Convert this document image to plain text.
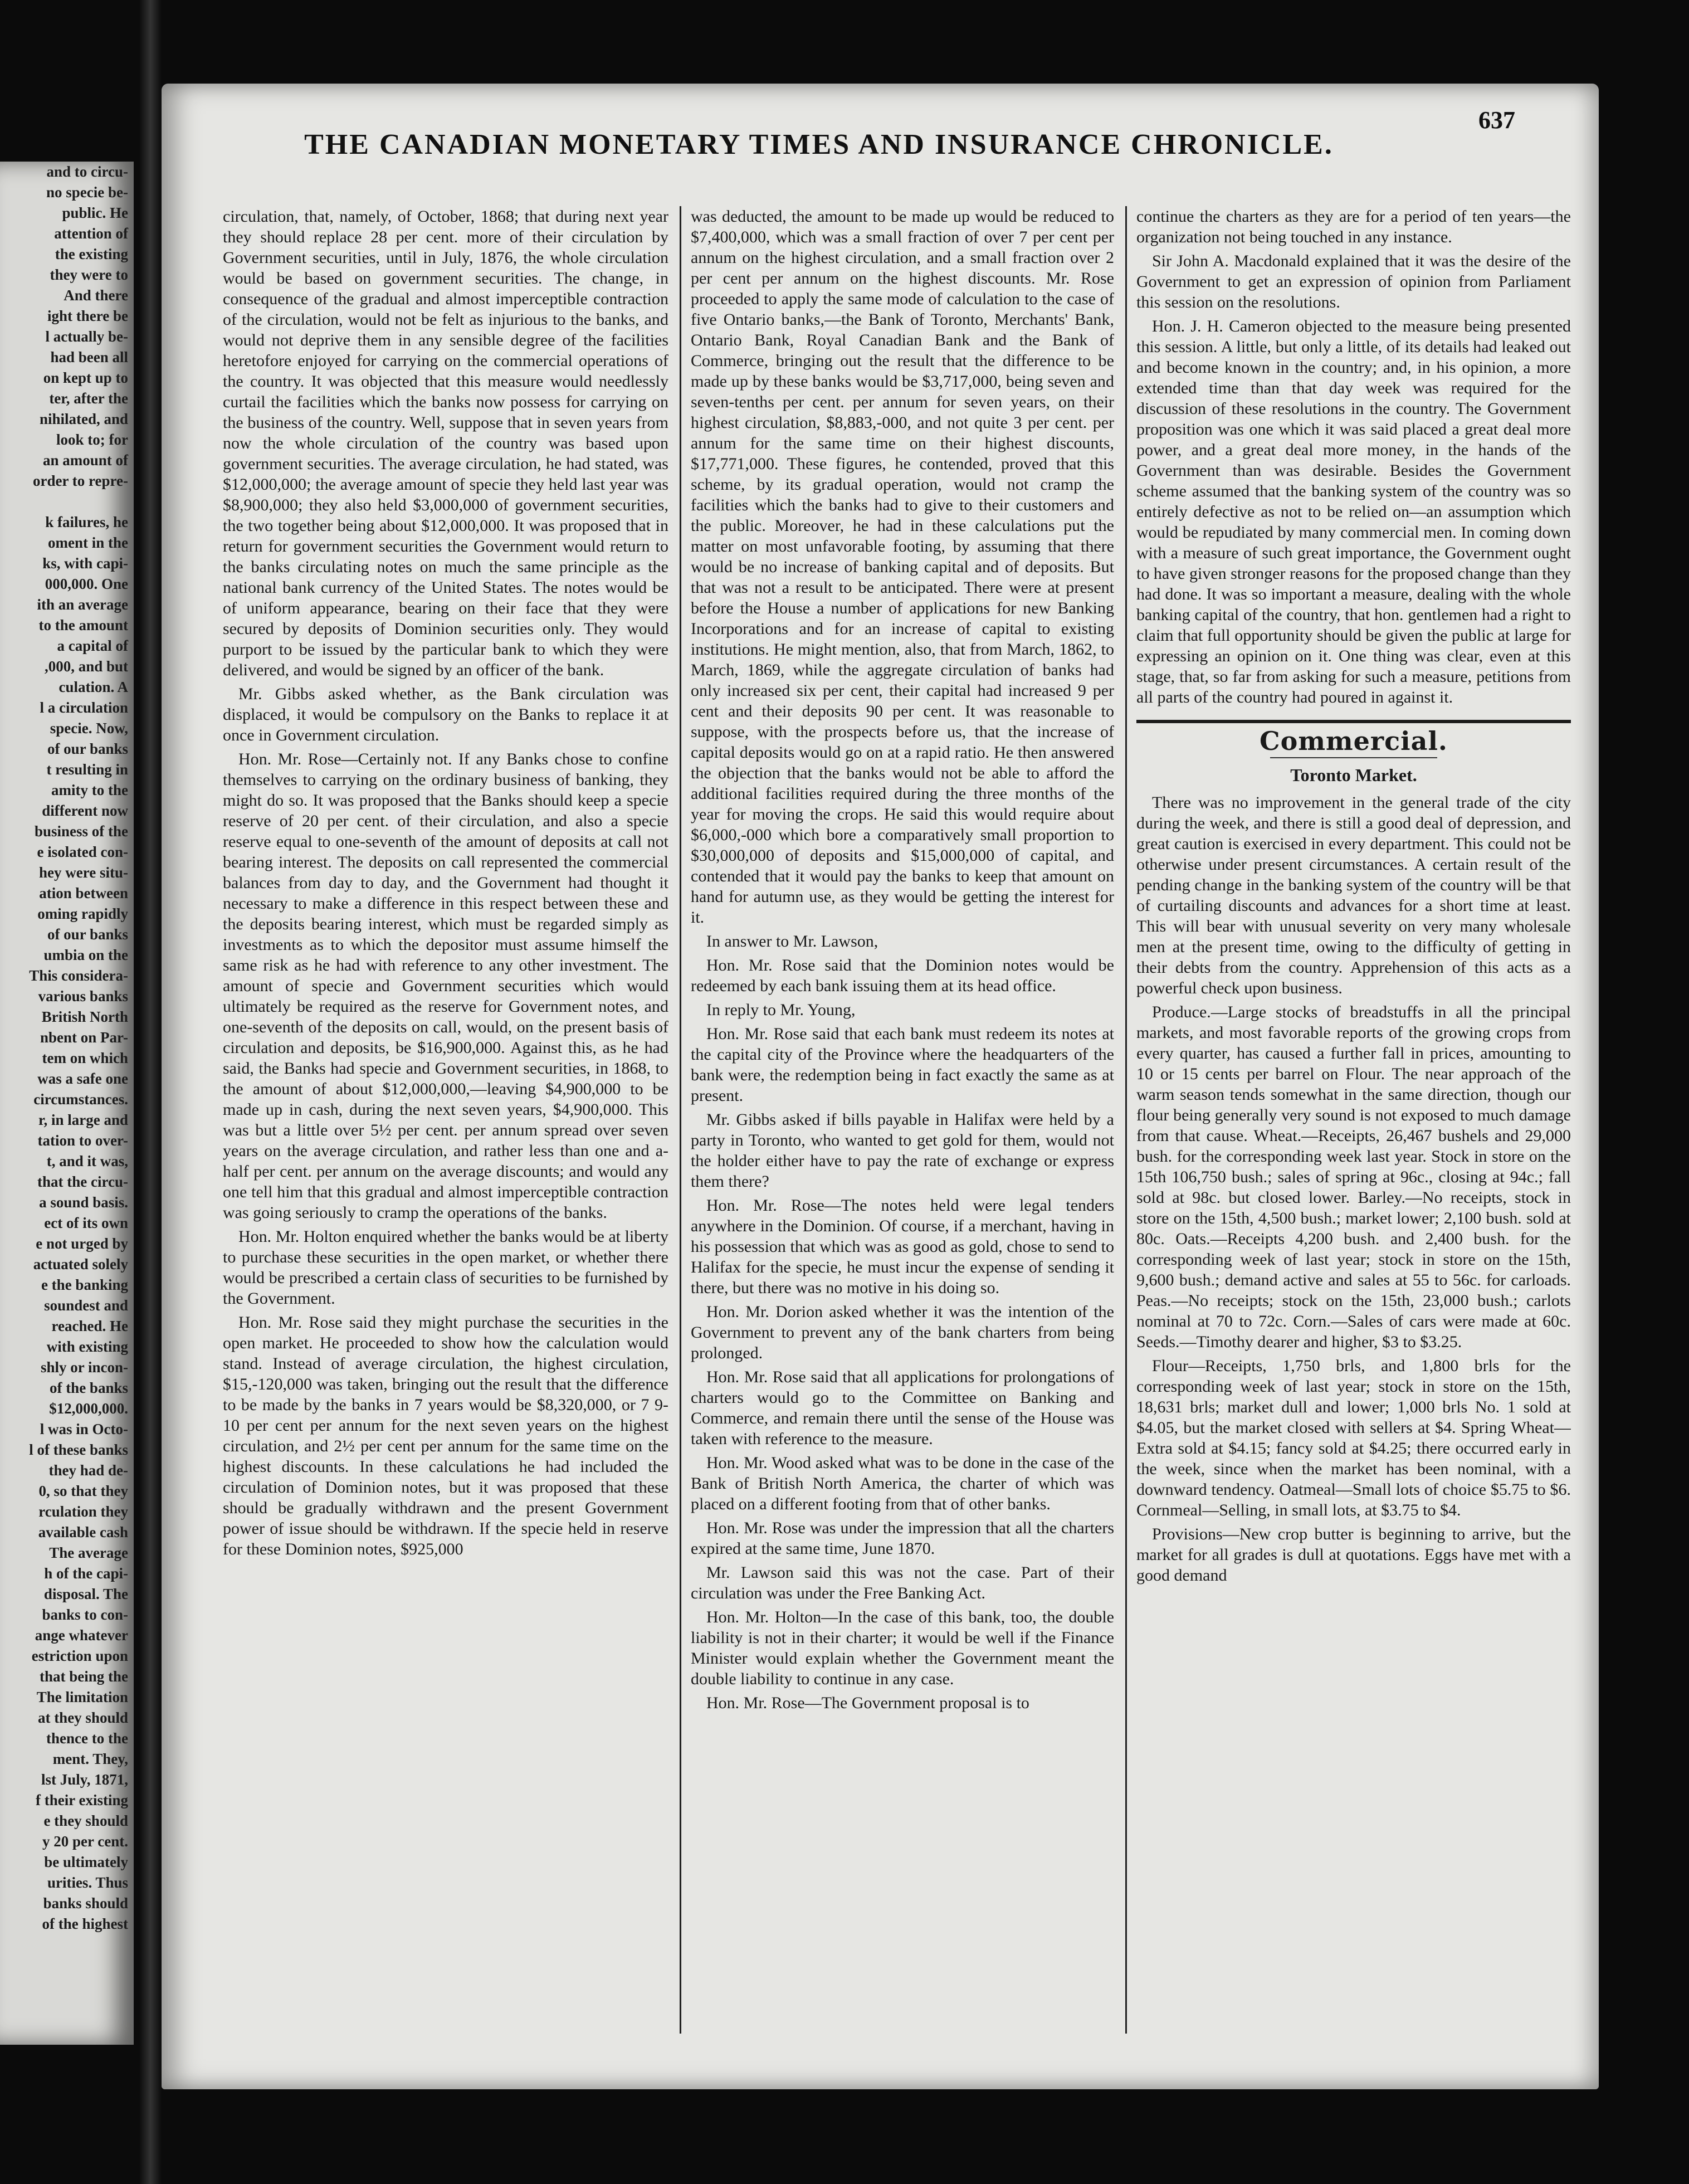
and to circu-
no specie be-
public. He
attention of
the existing
they were to
And there
ight there be
l actually be-
had been all
on kept up to
ter, after the
nihilated, and
look to; for
an amount of
order to repre-

k failures, he
oment in the
ks, with capi-
000,000. One
ith an average
to the amount
a capital of
,000, and but
culation. A
l a circulation
specie. Now,
of our banks
t resulting in
amity to the
different now
business of the
e isolated con-
hey were situ-
ation between
oming rapidly
of our banks
umbia on the
This considera-
various banks
British North
nbent on Par-
tem on which
was a safe one
circumstances.
r, in large and
tation to over-
t, and it was,
that the circu-
a sound basis.
ect of its own
e not urged by
actuated solely
e the banking
soundest and
reached. He
with existing
shly or incon-
of the banks
$12,000,000.
l was in Octo-
l of these banks
they had de-
0, so that they
rculation they
available cash
The average
h of the capi-
disposal. The
banks to con-
ange whatever
estriction upon
that being the
The limitation
at they should
thence to the
ment. They,
lst July, 1871,
f their existing
e they should
y 20 per cent.
be ultimately
urities. Thus
banks should
of the highest
THE CANADIAN MONETARY TIMES AND INSURANCE CHRONICLE.
637

circulation, that, namely, of October, 1868; that during next year they should replace 28 per cent. more of their circulation by Government securities, until in July, 1876, the whole circulation would be based on government securities. The change, in consequence of the gradual and almost imperceptible contraction of the circulation, would not be felt as injurious to the banks, and would not deprive them in any sensible degree of the facilities heretofore enjoyed for carrying on the commercial operations of the country. It was objected that this measure would needlessly curtail the facilities which the banks now possess for carrying on the business of the country. Well, suppose that in seven years from now the whole circulation of the country was based upon government securities. The average circulation, he had stated, was $12,000,000; the average amount of specie they held last year was $8,900,000; they also held $3,000,000 of government securities, the two together being about $12,000,000. It was proposed that in return for government securities the Government would return to the banks circulating notes on much the same principle as the national bank currency of the United States. The notes would be of uniform appearance, bearing on their face that they were secured by deposits of Dominion securities only. They would purport to be issued by the particular bank to which they were delivered, and would be signed by an officer of the bank.

Mr. Gibbs asked whether, as the Bank circulation was displaced, it would be compulsory on the Banks to replace it at once in Government circulation.

Hon. Mr. Rose—Certainly not. If any Banks chose to confine themselves to carrying on the ordinary business of banking, they might do so. It was proposed that the Banks should keep a specie reserve of 20 per cent. of their circulation, and also a specie reserve equal to one-seventh of the amount of deposits at call not bearing interest. The deposits on call represented the commercial balances from day to day, and the Government had thought it necessary to make a difference in this respect between these and the deposits bearing interest, which must be regarded simply as investments as to which the depositor must assume himself the same risk as he had with reference to any other investment. The amount of specie and Government securities which would ultimately be required as the reserve for Government notes, and one-seventh of the deposits on call, would, on the present basis of circulation and deposits, be $16,900,000. Against this, as he had said, the Banks had specie and Government securities, in 1868, to the amount of about $12,000,000,—leaving $4,900,000 to be made up in cash, during the next seven years, $4,900,000. This was but a little over 5½ per cent. per annum spread over seven years on the average circulation, and rather less than one and a-half per cent. per annum on the average discounts; and would any one tell him that this gradual and almost imperceptible contraction was going seriously to cramp the operations of the banks.

Hon. Mr. Holton enquired whether the banks would be at liberty to purchase these securities in the open market, or whether there would be prescribed a certain class of securities to be furnished by the Government.

Hon. Mr. Rose said they might purchase the securities in the open market. He proceeded to show how the calculation would stand. Instead of average circulation, the highest circulation, $15,-120,000 was taken, bringing out the result that the difference to be made by the banks in 7 years would be $8,320,000, or 7 9-10 per cent per annum for the next seven years on the highest circulation, and 2½ per cent per annum for the same time on the highest discounts. In these calculations he had included the circulation of Dominion notes, but it was proposed that these should be gradually withdrawn and the present Government power of issue should be withdrawn. If the specie held in reserve for these Dominion notes, $925,000

was deducted, the amount to be made up would be reduced to $7,400,000, which was a small fraction of over 7 per cent per annum on the highest circulation, and a small fraction over 2 per cent per annum on the highest discounts. Mr. Rose proceeded to apply the same mode of calculation to the case of five Ontario banks,—the Bank of Toronto, Merchants' Bank, Ontario Bank, Royal Canadian Bank and the Bank of Commerce, bringing out the result that the difference to be made up by these banks would be $3,717,000, being seven and seven-tenths per cent. per annum for seven years, on their highest circulation, $8,883,-000, and not quite 3 per cent. per annum for the same time on their highest discounts, $17,771,000. These figures, he contended, proved that this scheme, by its gradual operation, would not cramp the facilities which the banks had to give to their customers and the public. Moreover, he had in these calculations put the matter on most unfavorable footing, by assuming that there would be no increase of banking capital and of deposits. But that was not a result to be anticipated. There were at present before the House a number of applications for new Banking Incorporations and for an increase of capital to existing institutions. He might mention, also, that from March, 1862, to March, 1869, while the aggregate circulation of banks had only increased six per cent, their capital had increased 9 per cent and their deposits 90 per cent. It was reasonable to suppose, with the prospects before us, that the increase of capital deposits would go on at a rapid ratio. He then answered the objection that the banks would not be able to afford the additional facilities required during the three months of the year for moving the crops. He said this would require about $6,000,-000 which bore a comparatively small proportion to $30,000,000 of deposits and $15,000,000 of capital, and contended that it would pay the banks to keep that amount on hand for autumn use, as they would be getting the interest for it.

In answer to Mr. Lawson,

Hon. Mr. Rose said that the Dominion notes would be redeemed by each bank issuing them at its head office.

In reply to Mr. Young,

Hon. Mr. Rose said that each bank must redeem its notes at the capital city of the Province where the headquarters of the bank were, the redemption being in fact exactly the same as at present.

Mr. Gibbs asked if bills payable in Halifax were held by a party in Toronto, who wanted to get gold for them, would not the holder either have to pay the rate of exchange or express them there?

Hon. Mr. Rose—The notes held were legal tenders anywhere in the Dominion. Of course, if a merchant, having in his possession that which was as good as gold, chose to send to Halifax for the specie, he must incur the expense of sending it there, but there was no motive in his doing so.

Hon. Mr. Dorion asked whether it was the intention of the Government to prevent any of the bank charters from being prolonged.

Hon. Mr. Rose said that all applications for prolongations of charters would go to the Committee on Banking and Commerce, and remain there until the sense of the House was taken with reference to the measure.

Hon. Mr. Wood asked what was to be done in the case of the Bank of British North America, the charter of which was placed on a different footing from that of other banks.

Hon. Mr. Rose was under the impression that all the charters expired at the same time, June 1870.

Mr. Lawson said this was not the case. Part of their circulation was under the Free Banking Act.

Hon. Mr. Holton—In the case of this bank, too, the double liability is not in their charter; it would be well if the Finance Minister would explain whether the Government meant the double liability to continue in any case.

Hon. Mr. Rose—The Government proposal is to

continue the charters as they are for a period of ten years—the organization not being touched in any instance.

Sir John A. Macdonald explained that it was the desire of the Government to get an expression of opinion from Parliament this session on the resolutions.

Hon. J. H. Cameron objected to the measure being presented this session. A little, but only a little, of its details had leaked out and become known in the country; and, in his opinion, a more extended time than that day week was required for the discussion of these resolutions in the country. The Government proposition was one which it was said placed a great deal more power, and a great deal more money, in the hands of the Government than was desirable. Besides the Government scheme assumed that the banking system of the country was so entirely defective as not to be relied on—an assumption which would be repudiated by many commercial men. In coming down with a measure of such great importance, the Government ought to have given stronger reasons for the proposed change than they had done. It was so important a measure, dealing with the whole banking capital of the country, that hon. gentlemen had a right to claim that full opportunity should be given the public at large for expressing an opinion on it. One thing was clear, even at this stage, that, so far from asking for such a measure, petitions from all parts of the country had poured in against it.

Commercial.
Toronto Market.

There was no improvement in the general trade of the city during the week, and there is still a good deal of depression, and great caution is exercised in every department. This could not be otherwise under present circumstances. A certain result of the pending change in the banking system of the country will be that of curtailing discounts and advances for a short time at least. This will bear with unusual severity on very many wholesale men at the present time, owing to the difficulty of getting in their debts from the country. Apprehension of this acts as a powerful check upon business.

Produce.—Large stocks of breadstuffs in all the principal markets, and most favorable reports of the growing crops from every quarter, has caused a further fall in prices, amounting to 10 or 15 cents per barrel on Flour. The near approach of the warm season tends somewhat in the same direction, though our flour being generally very sound is not exposed to much damage from that cause. Wheat.—Receipts, 26,467 bushels and 29,000 bush. for the corresponding week last year. Stock in store on the 15th 106,750 bush.; sales of spring at 96c., closing at 94c.; fall sold at 98c. but closed lower. Barley.—No receipts, stock in store on the 15th, 4,500 bush.; market lower; 2,100 bush. sold at 80c. Oats.—Receipts 4,200 bush. and 2,400 bush. for the corresponding week of last year; stock in store on the 15th, 9,600 bush.; demand active and sales at 55 to 56c. for carloads. Peas.—No receipts; stock on the 15th, 23,000 bush.; carlots nominal at 70 to 72c. Corn.—Sales of cars were made at 60c. Seeds.—Timothy dearer and higher, $3 to $3.25.

Flour—Receipts, 1,750 brls, and 1,800 brls for the corresponding week of last year; stock in store on the 15th, 18,631 brls; market dull and lower; 1,000 brls No. 1 sold at $4.05, but the market closed with sellers at $4. Spring Wheat—Extra sold at $4.15; fancy sold at $4.25; there occurred early in the week, since when the market has been nominal, with a downward tendency. Oatmeal—Small lots of choice $5.75 to $6. Cornmeal—Selling, in small lots, at $3.75 to $4.

Provisions—New crop butter is beginning to arrive, but the market for all grades is dull at quotations. Eggs have met with a good demand
